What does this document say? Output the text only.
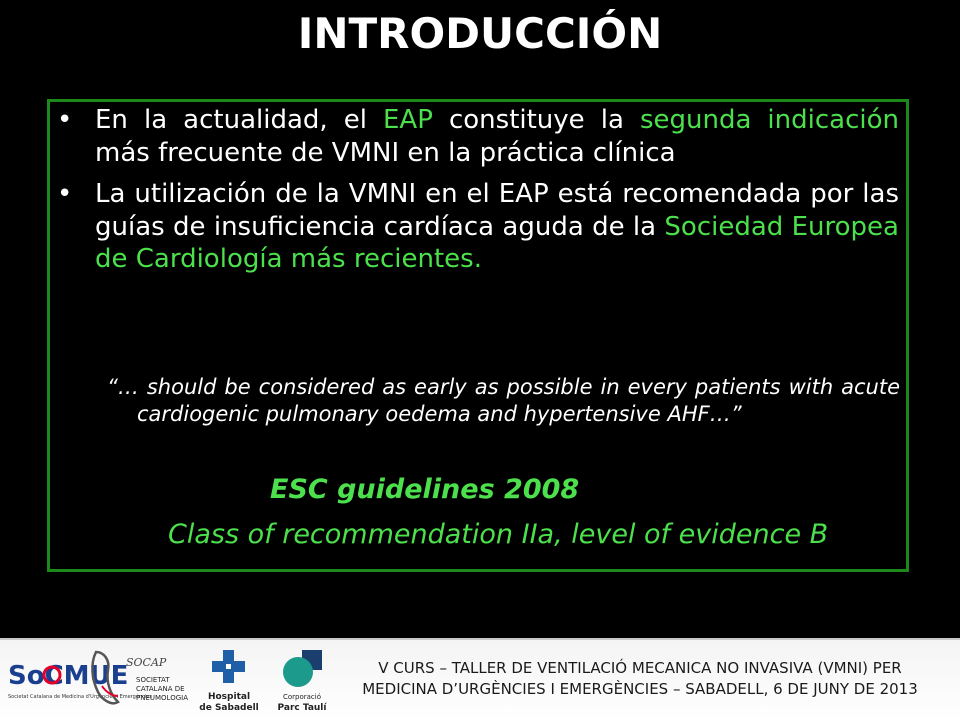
INTRODUCCIÓN
• En la actualidad, el EAP constituye la segunda indicación más frecuente de VMNI en la práctica clínica
• La utilización de la VMNI en el EAP está recomendada por las guías de insuficiencia cardíaca aguda de la Sociedad Europea de Cardiología más recientes.

“… should be considered as early as possible in every patients with acute cardiogenic pulmonary oedema and hypertensive AHF…”

ESC guidelines 2008

Class of recommendation IIa, level of evidence B

SoCMUE
Societat Catalana de Medicina d'Urgències i Emergències
SOCAP
SOCIETAT
CATALANA DE
PNEUMOLOGIA Hospital
de Sabadell
Corporació
Parc Taulí

V CURS – TALLER DE VENTILACIÓ MECANICA NO INVASIVA (VMNI) PER
MEDICINA D’URGÈNCIES I EMERGÈNCIES – SABADELL, 6 DE JUNY DE 2013
